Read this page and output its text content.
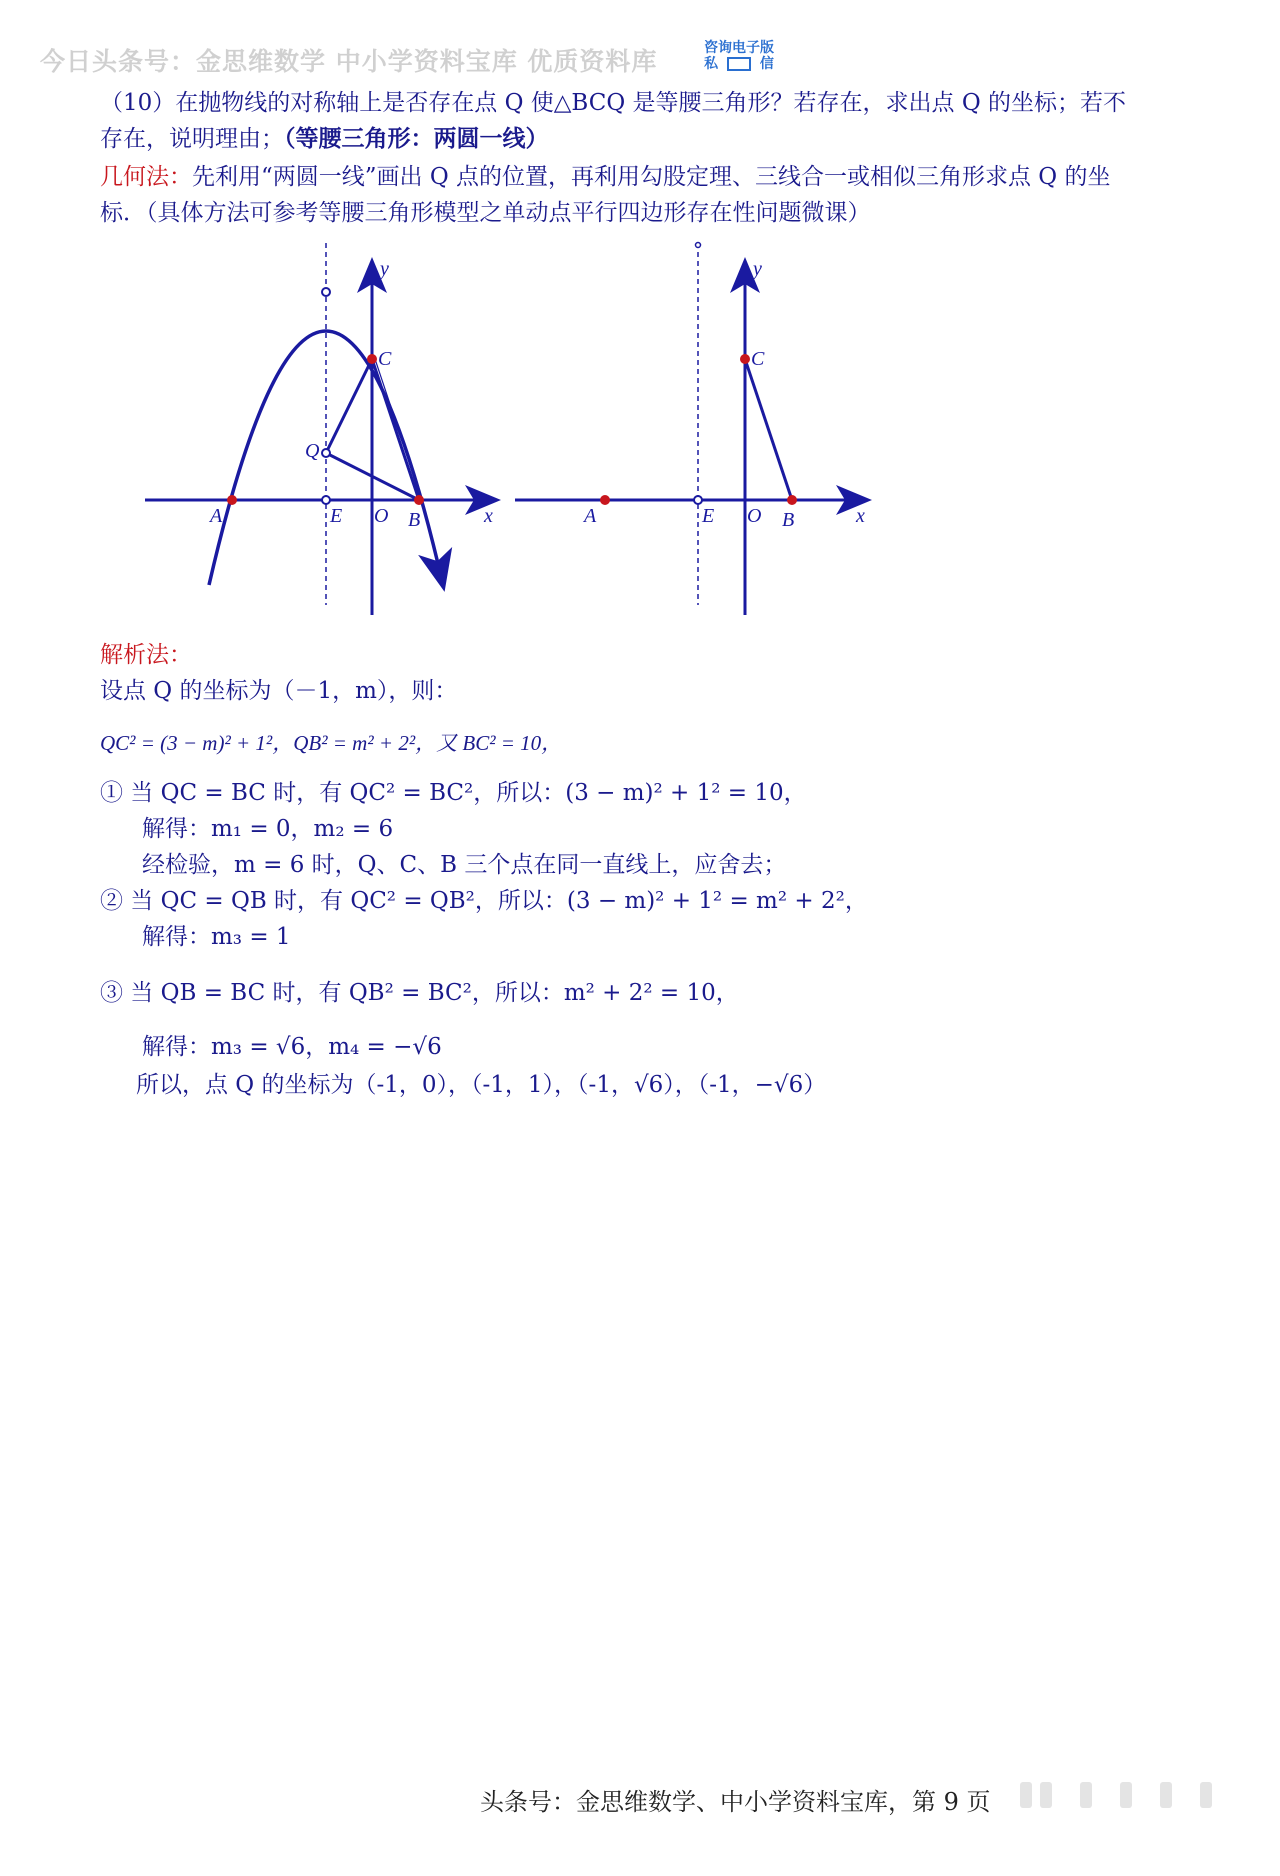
今日头条号：金思维数学 中小学资料宝库 优质资料库	咨询电子版
私	信
（10）在抛物线的对称轴上是否存在点 Q 使△BCQ 是等腰三角形？若存在，求出点 Q 的坐标；若不
存在，说明理由；（等腰三角形：两圆一线）
几何法：先利用“两圆一线”画出 Q 点的位置，再利用勾股定理、三线合一或相似三角形求点 Q 的坐
标．（具体方法可参考等腰三角形模型之单动点平行四边形存在性问题微课）
A	E O B
C
Q
x
y
A	E O B
C
x
y
解析法：
设点 Q 的坐标为（－1，m），则：
QC² = (3 − m)² + 1²，QB² = m² + 2²，又 BC² = 10，
① 当 QC = BC 时，有 QC² = BC²，所以：(3 − m)² + 1² = 10，
解得：m₁ = 0，m₂ = 6
经检验，m = 6 时，Q、C、B 三个点在同一直线上，应舍去；
② 当 QC = QB 时，有 QC² = QB²，所以：(3 − m)² + 1² = m² + 2²，
解得：m₃ = 1
③ 当 QB = BC 时，有 QB² = BC²，所以：m² + 2² = 10，
解得：m₃ = √6，m₄ = −√6
所以，点 Q 的坐标为（-1，0），（-1，1），（-1，√6），（-1，−√6）
头条号：金思维数学、中小学资料宝库，第 9 页
